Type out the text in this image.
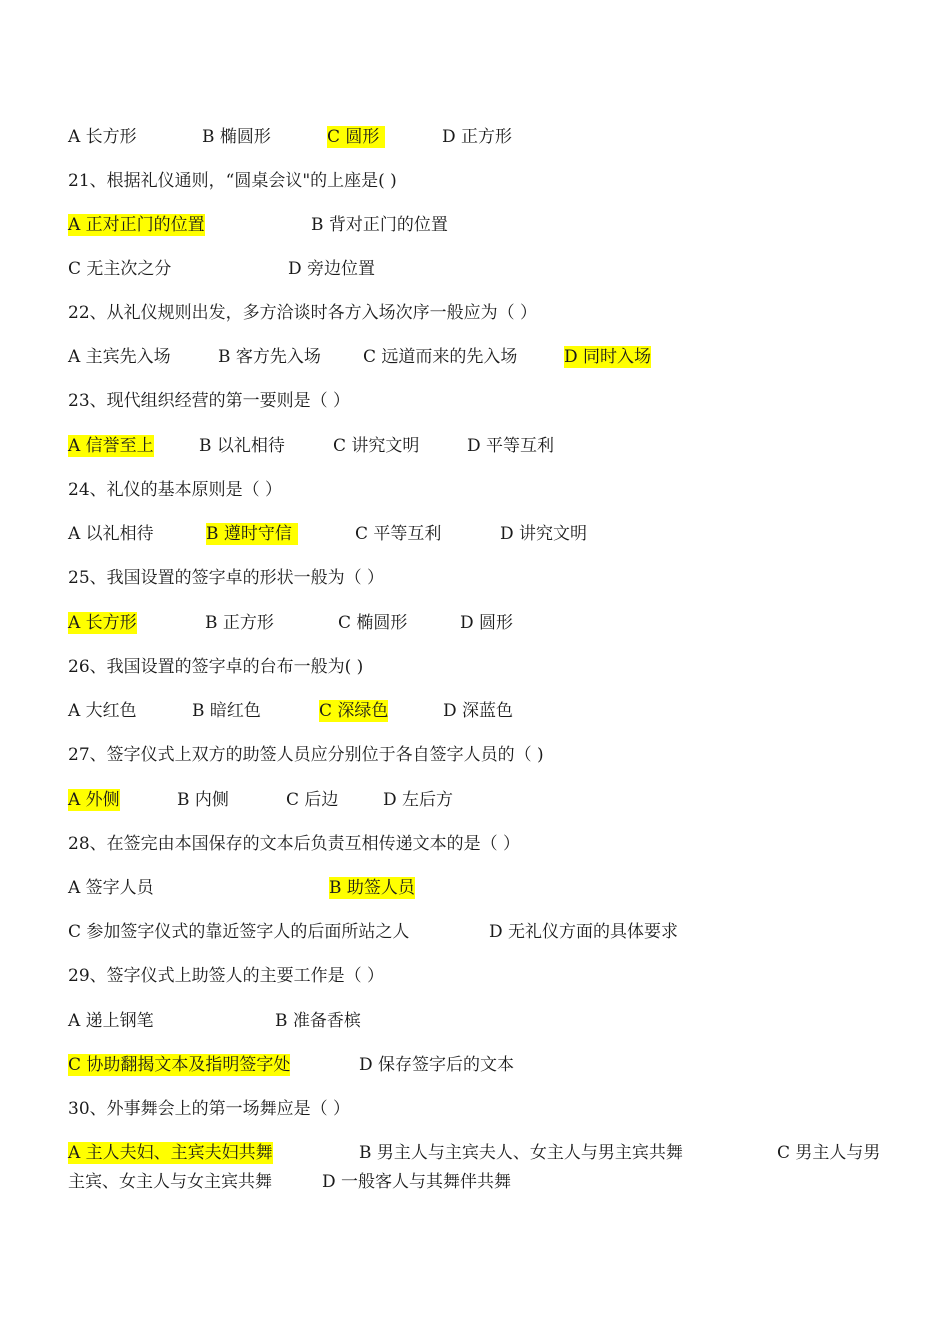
A 长方形	B 椭圆形	C 圆形	D 正方形
21、根据礼仪通则，“圆桌会议"的上座是( )
A 正对正门的位置	B 背对正门的位置
C 无主次之分	D 旁边位置
22、从礼仪规则出发，多方洽谈时各方入场次序一般应为（ ）
A 主宾先入场	B 客方先入场 C 远道而来的先入场	D 同时入场
23、现代组织经营的第一要则是（ ）
A 信誉至上	B 以礼相待	C 讲究文明	D 平等互利
24、礼仪的基本原则是（ ）
A 以礼相待	B 遵时守信	C 平等互利	D 讲究文明
25、我国设置的签字卓的形状一般为（ ）
A 长方形	B 正方形	C 椭圆形	D 圆形
26、我国设置的签字卓的台布一般为( )
A 大红色	B 暗红色	C 深绿色	D 深蓝色
27、签字仪式上双方的助签人员应分别位于各自签字人员的（ )
A 外侧	B 内侧	C 后边	D 左后方
28、在签完由本国保存的文本后负责互相传递文本的是（ ）
A 签字人员	B 助签人员
C 参加签字仪式的靠近签字人的后面所站之人	D 无礼仪方面的具体要求
29、签字仪式上助签人的主要工作是（ ）
A 递上钢笔	B 准备香槟
C 协助翻揭文本及指明签字处	D 保存签字后的文本
30、外事舞会上的第一场舞应是（ ）
A 主人夫妇、主宾夫妇共舞	B 男主人与主宾夫人、女主人与男主宾共舞	C 男主人与男
主宾、女主人与女主宾共舞	D 一般客人与其舞伴共舞
